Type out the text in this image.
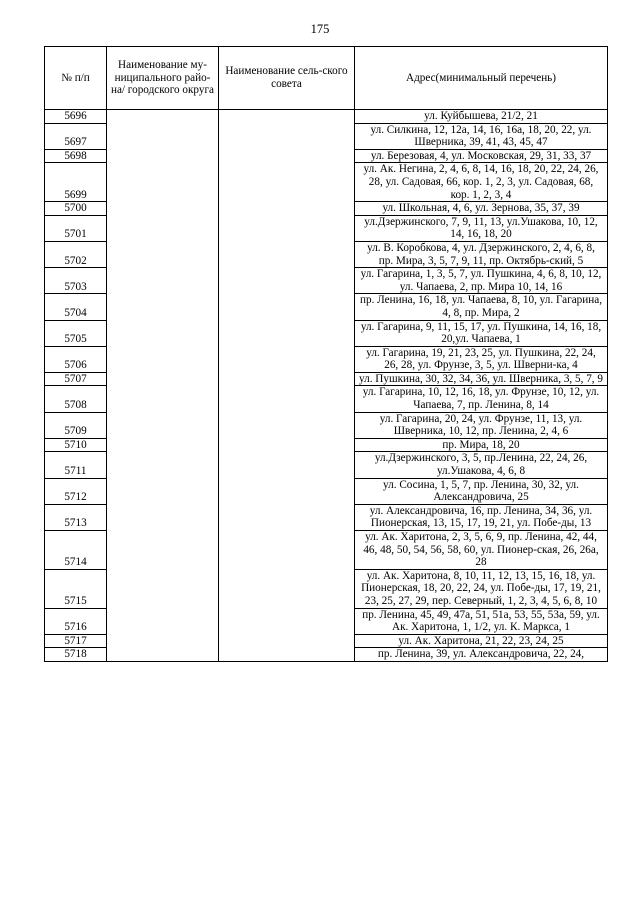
175
№ п/п	Наименование му-ниципального райо-на/ городского округа	Наименование сель-ского совета	Адрес(минимальный перечень)
5696			ул. Куйбышева, 21/2, 21
5697			ул. Силкина, 12, 12а, 14, 16, 16а, 18, 20, 22, ул. Шверника, 39, 41, 43, 45, 47
5698			ул. Березовая, 4, ул. Московская, 29, 31, 33, 37
5699			ул. Ак. Негина, 2, 4, 6, 8, 14, 16, 18, 20, 22, 24, 26, 28, ул. Садовая, 66, кор. 1, 2, 3, ул. Садовая, 68, кор. 1, 2, 3, 4
5700			ул. Школьная, 4, 6, ул. Зернова, 35, 37, 39
5701			ул.Дзержинского, 7, 9, 11, 13, ул.Ушакова, 10, 12, 14, 16, 18, 20
5702			ул. В. Коробкова, 4, ул. Дзержинского, 2, 4, 6, 8, пр. Мира, 3, 5, 7, 9, 11, пр. Октябрь-ский, 5
5703			ул. Гагарина, 1, 3, 5, 7, ул. Пушкина, 4, 6, 8, 10, 12, ул. Чапаева, 2, пр. Мира 10, 14, 16
5704			пр. Ленина, 16, 18, ул. Чапаева, 8, 10, ул. Гагарина, 4, 8, пр. Мира, 2
5705			ул. Гагарина, 9, 11, 15, 17, ул. Пушкина, 14, 16, 18, 20,ул. Чапаева, 1
5706			ул. Гагарина, 19, 21, 23, 25, ул. Пушкина, 22, 24, 26, 28, ул. Фрунзе, 3, 5, ул. Шверни-ка, 4
5707			ул. Пушкина, 30, 32, 34, 36, ул. Шверника, 3, 5, 7, 9
5708			ул. Гагарина, 10, 12, 16, 18, ул. Фрунзе, 10, 12, ул. Чапаева, 7, пр. Ленина, 8, 14
5709			ул. Гагарина, 20, 24, ул. Фрунзе, 11, 13, ул. Шверника, 10, 12, пр. Ленина, 2, 4, 6
5710			пр. Мира, 18, 20
5711			ул.Дзержинского, 3, 5, пр.Ленина, 22, 24, 26, ул.Ушакова, 4, 6, 8
5712			ул. Сосина, 1, 5, 7, пр. Ленина, 30, 32, ул. Александровича, 25
5713			ул. Александровича, 16, пр. Ленина, 34, 36, ул. Пионерская, 13, 15, 17, 19, 21, ул. Побе-ды, 13
5714			ул. Ак. Харитона, 2, 3, 5, 6, 9, пр. Ленина, 42, 44, 46, 48, 50, 54, 56, 58, 60, ул. Пионер-ская, 26, 26а, 28
5715			ул. Ак. Харитона, 8, 10, 11, 12, 13, 15, 16, 18, ул. Пионерская, 18, 20, 22, 24, ул. Побе-ды, 17, 19, 21, 23, 25, 27, 29, пер. Северный, 1, 2, 3, 4, 5, 6, 8, 10
5716			пр. Ленина, 45, 49, 47а, 51, 51а, 53, 55, 53а, 59, ул. Ак. Харитона, 1, 1/2, ул. К. Маркса, 1
5717			ул. Ак. Харитона, 21, 22, 23, 24, 25
5718			пр. Ленина, 39, ул. Александровича, 22, 24,
